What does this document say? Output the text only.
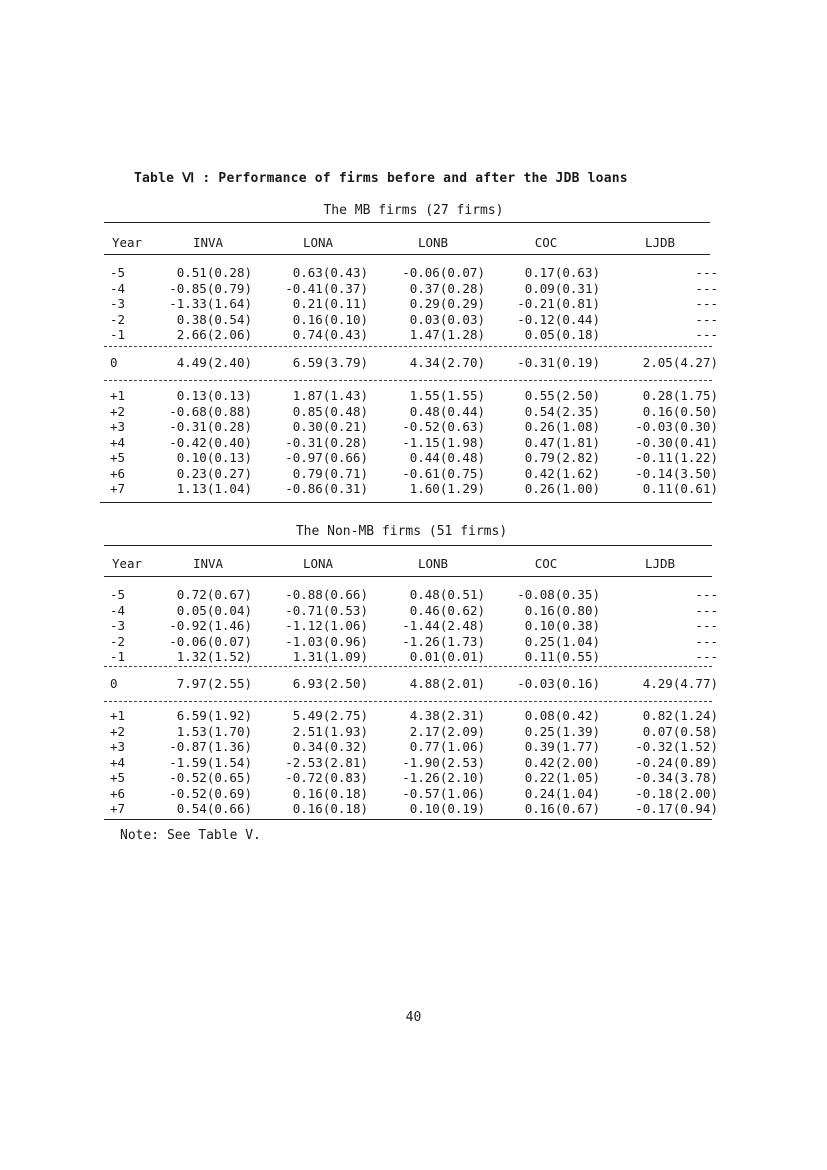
Table Ⅵ : Performance of firms before and after the JDB loans
The MB firms (27 firms)
Year	INVA	LONA	LONB	COC	LJDB
-5	0.51(0.28)	0.63(0.43)	-0.06(0.07)	0.17(0.63)	---
-4	-0.85(0.79)	-0.41(0.37)	0.37(0.28)	0.09(0.31)	---
-3	-1.33(1.64)	0.21(0.11)	0.29(0.29)	-0.21(0.81)	---
-2	0.38(0.54)	0.16(0.10)	0.03(0.03)	-0.12(0.44)	---
-1	2.66(2.06)	0.74(0.43)	1.47(1.28)	0.05(0.18)	---
0	4.49(2.40)	6.59(3.79)	4.34(2.70)	-0.31(0.19)	2.05(4.27)
+1	0.13(0.13)	1.87(1.43)	1.55(1.55)	0.55(2.50)	0.28(1.75)
+2	-0.68(0.88)	0.85(0.48)	0.48(0.44)	0.54(2.35)	0.16(0.50)
+3	-0.31(0.28)	0.30(0.21)	-0.52(0.63)	0.26(1.08)	-0.03(0.30)
+4	-0.42(0.40)	-0.31(0.28)	-1.15(1.98)	0.47(1.81)	-0.30(0.41)
+5	0.10(0.13)	-0.97(0.66)	0.44(0.48)	0.79(2.82)	-0.11(1.22)
+6	0.23(0.27)	0.79(0.71)	-0.61(0.75)	0.42(1.62)	-0.14(3.50)
+7	1.13(1.04)	-0.86(0.31)	1.60(1.29)	0.26(1.00)	0.11(0.61)
The Non-MB firms (51 firms)
Year	INVA	LONA	LONB	COC	LJDB
-5	0.72(0.67)	-0.88(0.66)	0.48(0.51)	-0.08(0.35)	---
-4	0.05(0.04)	-0.71(0.53)	0.46(0.62)	0.16(0.80)	---
-3	-0.92(1.46)	-1.12(1.06)	-1.44(2.48)	0.10(0.38)	---
-2	-0.06(0.07)	-1.03(0.96)	-1.26(1.73)	0.25(1.04)	---
-1	1.32(1.52)	1.31(1.09)	0.01(0.01)	0.11(0.55)	---
0	7.97(2.55)	6.93(2.50)	4.88(2.01)	-0.03(0.16)	4.29(4.77)
+1	6.59(1.92)	5.49(2.75)	4.38(2.31)	0.08(0.42)	0.82(1.24)
+2	1.53(1.70)	2.51(1.93)	2.17(2.09)	0.25(1.39)	0.07(0.58)
+3	-0.87(1.36)	0.34(0.32)	0.77(1.06)	0.39(1.77)	-0.32(1.52)
+4	-1.59(1.54)	-2.53(2.81)	-1.90(2.53)	0.42(2.00)	-0.24(0.89)
+5	-0.52(0.65)	-0.72(0.83)	-1.26(2.10)	0.22(1.05)	-0.34(3.78)
+6	-0.52(0.69)	0.16(0.18)	-0.57(1.06)	0.24(1.04)	-0.18(2.00)
+7	0.54(0.66)	0.16(0.18)	0.10(0.19)	0.16(0.67)	-0.17(0.94)
Note: See Table V.
40
